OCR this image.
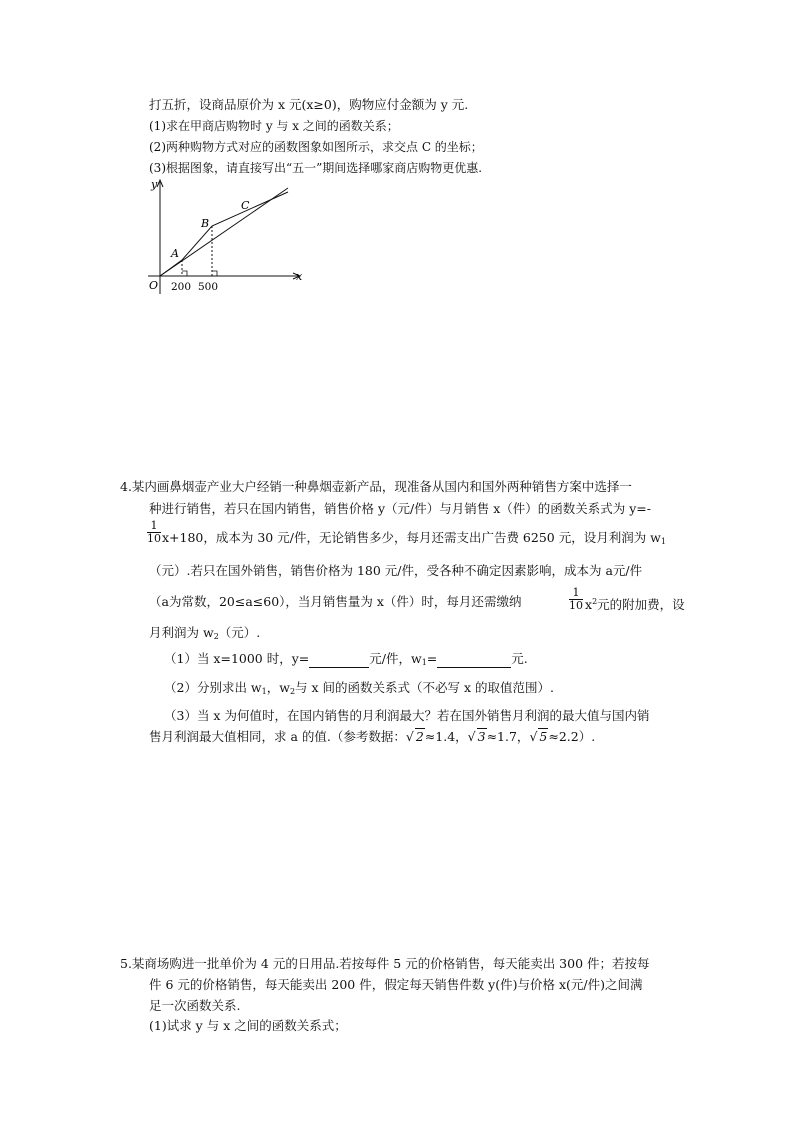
打五折，设商品原价为 x 元(x≥0)，购物应付金额为 y 元.
(1)求在甲商店购物时 y 与 x 之间的函数关系；
(2)两种购物方式对应的函数图象如图所示，求交点 C 的坐标；
(3)根据图象，请直接写出“五一”期间选择哪家商店购物更优惠.
y
x
O
A
B
C
200 500
4.某内画鼻烟壶产业大户经销一种鼻烟壶新产品，现准备从国内和国外两种销售方案中选择一
种进行销售，若只在国内销售，销售价格 y（元/件）与月销售 x（件）的函数关系式为 y=-
$\frac{1}{10} x+180$，成本为 30 元/件，无论销售多少，每月还需支出广告费 6250 元，设月利润为 $w_1$
（元）.若只在国外销售，销售价格为 180 元/件，受各种不确定因素影响，成本为 a元/件
（a为常数，20≤a≤60），当月销售量为 x（件）时，每月还需缴纳	$\frac{1}{10} x^2$元的附加费，设
月利润为 $w_2$（元）.
（1）当 x=1000 时，y=	元/件，$w_1=$	元.
（2）分别求出 $w_1$，$w_2$与 x 间的函数关系式（不必写 x 的取值范围）.
（3）当 x 为何值时，在国内销售的月利润最大？若在国外销售月利润的最大值与国内销
售月利润最大值相同，求 a 的值.（参考数据：√ 2≈1.4，√ 3≈1.7，√ 5≈2.2）.
5.某商场购进一批单价为 4 元的日用品.若按每件 5 元的价格销售，每天能卖出 300 件；若按每
件 6 元的价格销售，每天能卖出 200 件，假定每天销售件数 y(件)与价格 x(元/件)之间满
足一次函数关系.
(1)试求 y 与 x 之间的函数关系式；
